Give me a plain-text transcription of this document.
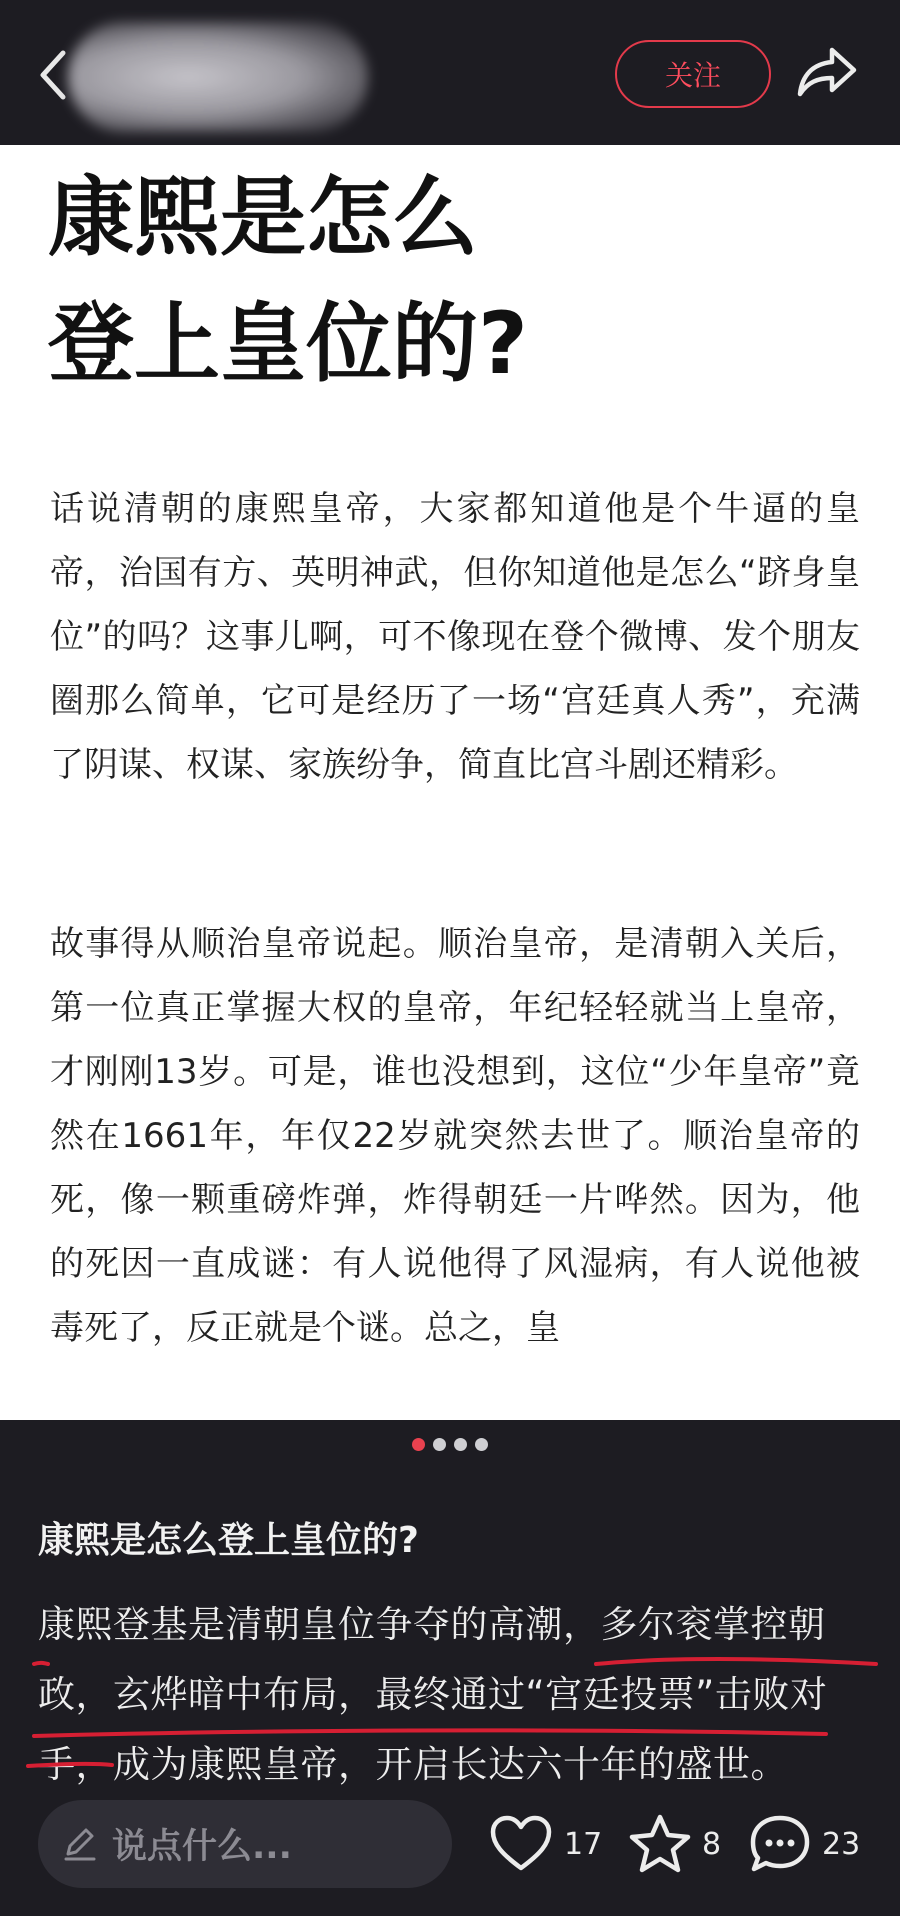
关注
康熙是怎么
登上皇位的?

话说清朝的康熙皇帝，大家都知道他是个牛逼的皇帝，治国有方、英明神武，但你知道他是怎么“跻身皇位”的吗？这事儿啊，可不像现在登个微博、发个朋友圈那么简单，它可是经历了一场“宫廷真人秀”，充满了阴谋、权谋、家族纷争，简直比宫斗剧还精彩。

故事得从顺治皇帝说起。顺治皇帝，是清朝入关后，第一位真正掌握大权的皇帝，年纪轻轻就当上皇帝，才刚刚13岁。可是，谁也没想到，这位“少年皇帝”竟然在1661年，年仅22岁就突然去世了。顺治皇帝的死，像一颗重磅炸弹，炸得朝廷一片哗然。因为，他的死因一直成谜：有人说他得了风湿病，有人说他被毒死了，反正就是个谜。总之，皇

康熙是怎么登上皇位的?

康熙登基是清朝皇位争夺的高潮，多尔衮掌控朝政，玄烨暗中布局，最终通过“宫廷投票”击败对手，成为康熙皇帝，开启长达六十年的盛世。

说点什么...	17	8	23
